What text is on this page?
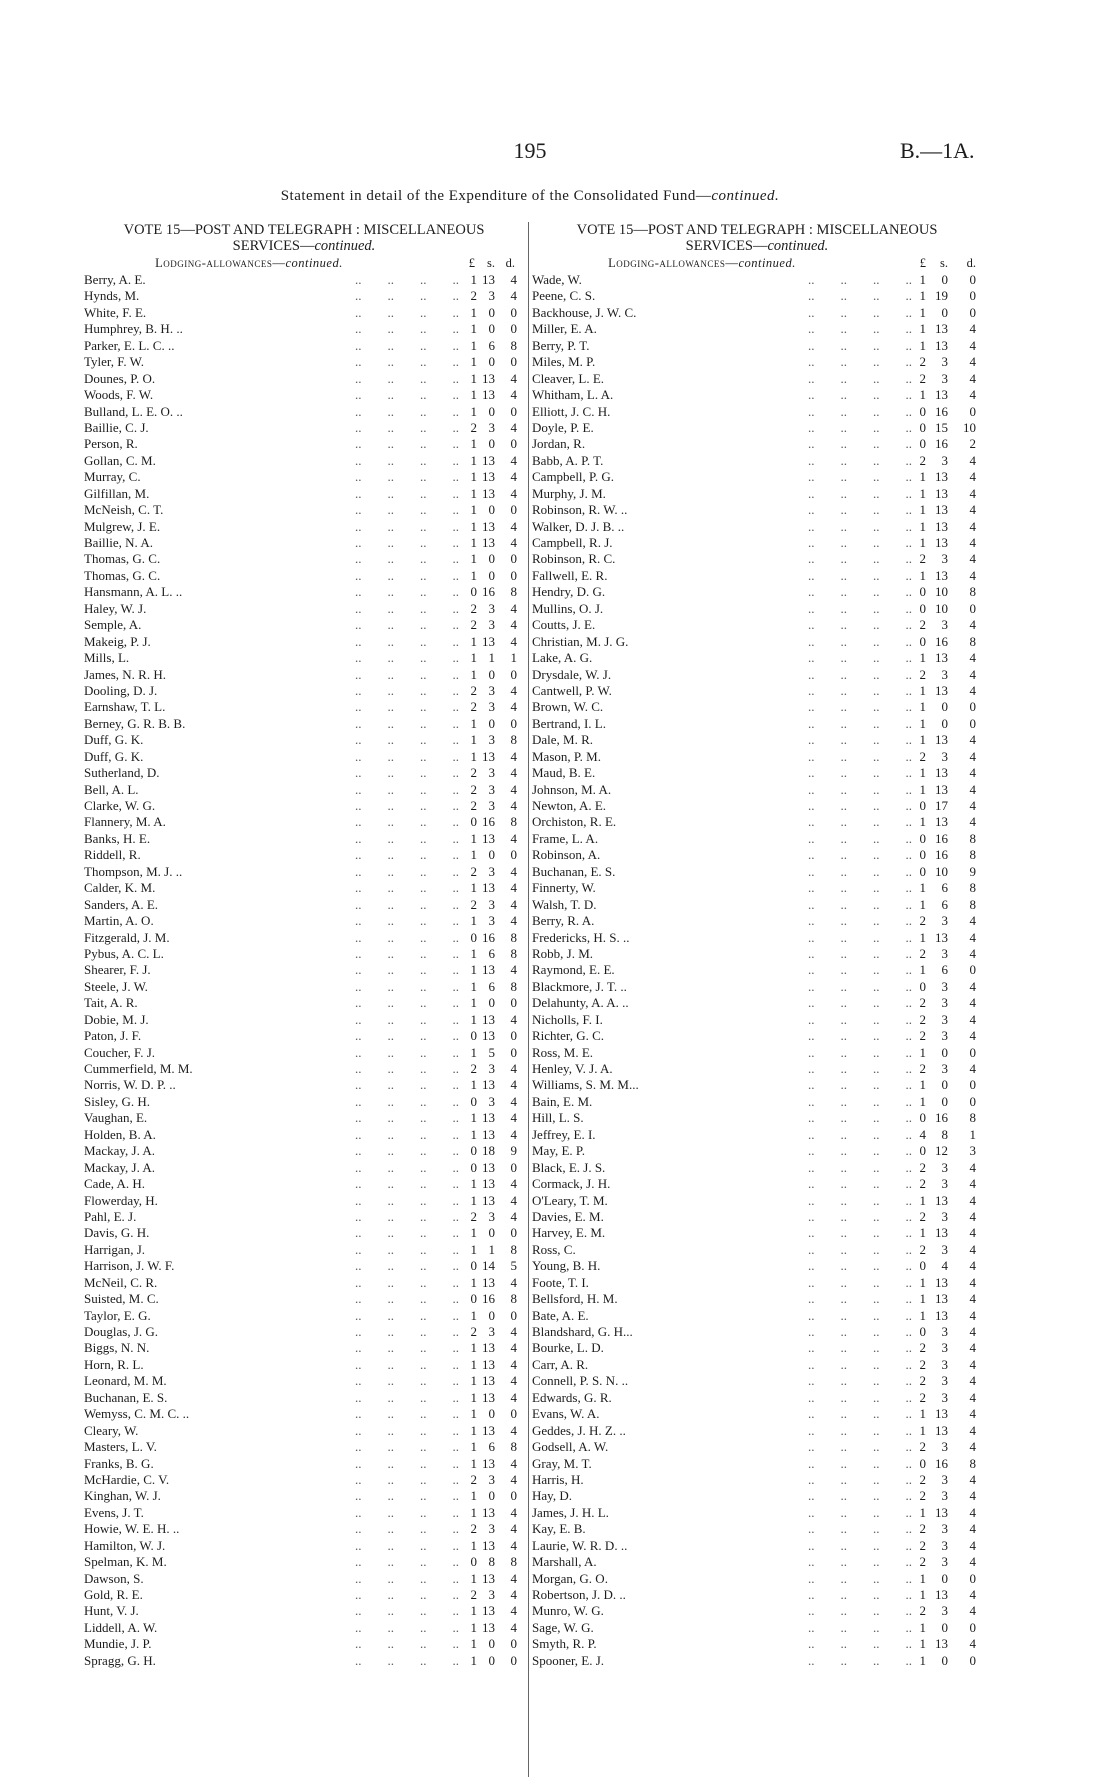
195	B.—1A.
Statement in detail of the Expenditure of the Consolidated Fund—continued.
VOTE 15—POST AND TELEGRAPH : MISCELLANEOUS
SERVICES—continued.
Lodging-allowances—continued.	£ s. d.
Berry, A. E.	..        ..        ..        .. 1 13	4
Hynds, M.	..        ..        ..        .. 2 3	4
White, F. E.	..        ..        ..        .. 1 0	0
Humphrey, B. H. ..	..        ..        ..        .. 1 0	0
Parker, E. L. C. ..	..        ..        ..        .. 1 6	8
Tyler, F. W.	..        ..        ..        .. 1 0	0
Dounes, P. O.	..        ..        ..        .. 1 13	4
Woods, F. W.	..        ..        ..        .. 1 13	4
Bulland, L. E. O. ..	..        ..        ..        .. 1 0	0
Baillie, C. J.	..        ..        ..        .. 2 3	4
Person, R.	..        ..        ..        .. 1 0	0
Gollan, C. M.	..        ..        ..        .. 1 13	4
Murray, C.	..        ..        ..        .. 1 13	4
Gilfillan, M.	..        ..        ..        .. 1 13	4
McNeish, C. T.	..        ..        ..        .. 1 0	0
Mulgrew, J. E.	..        ..        ..        .. 1 13	4
Baillie, N. A.	..        ..        ..        .. 1 13	4
Thomas, G. C.	..        ..        ..        .. 1 0	0
Thomas, G. C.	..        ..        ..        .. 1 0	0
Hansmann, A. L. ..	..        ..        ..        .. 0 16	8
Haley, W. J.	..        ..        ..        .. 2 3	4
Semple, A.	..        ..        ..        .. 2 3	4
Makeig, P. J.	..        ..        ..        .. 1 13	4
Mills, L.	..        ..        ..        .. 1 1	1
James, N. R. H.	..        ..        ..        .. 1 0	0
Dooling, D. J.	..        ..        ..        .. 2 3	4
Earnshaw, T. L.	..        ..        ..        .. 2 3	4
Berney, G. R. B. B.	..        ..        ..        .. 1 0	0
Duff, G. K.	..        ..        ..        .. 1 3	8
Duff, G. K.	..        ..        ..        .. 1 13	4
Sutherland, D.	..        ..        ..        .. 2 3	4
Bell, A. L.	..        ..        ..        .. 2 3	4
Clarke, W. G.	..        ..        ..        .. 2 3	4
Flannery, M. A.	..        ..        ..        .. 0 16	8
Banks, H. E.	..        ..        ..        .. 1 13	4
Riddell, R.	..        ..        ..        .. 1 0	0
Thompson, M. J. ..	..        ..        ..        .. 2 3	4
Calder, K. M.	..        ..        ..        .. 1 13	4
Sanders, A. E.	..        ..        ..        .. 2 3	4
Martin, A. O.	..        ..        ..        .. 1 3	4
Fitzgerald, J. M.	..        ..        ..        .. 0 16	8
Pybus, A. C. L.	..        ..        ..        .. 1 6	8
Shearer, F. J.	..        ..        ..        .. 1 13	4
Steele, J. W.	..        ..        ..        .. 1 6	8
Tait, A. R.	..        ..        ..        .. 1 0	0
Dobie, M. J.	..        ..        ..        .. 1 13	4
Paton, J. F.	..        ..        ..        .. 0 13	0
Coucher, F. J.	..        ..        ..        .. 1 5	0
Cummerfield, M. M.	..        ..        ..        .. 2 3	4
Norris, W. D. P. ..	..        ..        ..        .. 1 13	4
Sisley, G. H.	..        ..        ..        .. 0 3	4
Vaughan, E.	..        ..        ..        .. 1 13	4
Holden, B. A.	..        ..        ..        .. 1 13	4
Mackay, J. A.	..        ..        ..        .. 0 18	9
Mackay, J. A.	..        ..        ..        .. 0 13	0
Cade, A. H.	..        ..        ..        .. 1 13	4
Flowerday, H.	..        ..        ..        .. 1 13	4
Pahl, E. J.	..        ..        ..        .. 2 3	4
Davis, G. H.	..        ..        ..        .. 1 0	0
Harrigan, J.	..        ..        ..        .. 1 1	8
Harrison, J. W. F.	..        ..        ..        .. 0 14	5
McNeil, C. R.	..        ..        ..        .. 1 13	4
Suisted, M. C.	..        ..        ..        .. 0 16	8
Taylor, E. G.	..        ..        ..        .. 1 0	0
Douglas, J. G.	..        ..        ..        .. 2 3	4
Biggs, N. N.	..        ..        ..        .. 1 13	4
Horn, R. L.	..        ..        ..        .. 1 13	4
Leonard, M. M.	..        ..        ..        .. 1 13	4
Buchanan, E. S.	..        ..        ..        .. 1 13	4
Wemyss, C. M. C. ..	..        ..        ..        .. 1 0	0
Cleary, W.	..        ..        ..        .. 1 13	4
Masters, L. V.	..        ..        ..        .. 1 6	8
Franks, B. G.	..        ..        ..        .. 1 13	4
McHardie, C. V.	..        ..        ..        .. 2 3	4
Kinghan, W. J.	..        ..        ..        .. 1 0	0
Evens, J. T.	..        ..        ..        .. 1 13	4
Howie, W. E. H. ..	..        ..        ..        .. 2 3	4
Hamilton, W. J.	..        ..        ..        .. 1 13	4
Spelman, K. M.	..        ..        ..        .. 0 8	8
Dawson, S.	..        ..        ..        .. 1 13	4
Gold, R. E.	..        ..        ..        .. 2 3	4
Hunt, V. J.	..        ..        ..        .. 1 13	4
Liddell, A. W.	..        ..        ..        .. 1 13	4
Mundie, J. P.	..        ..        ..        .. 1 0	0
Spragg, G. H.	..        ..        ..        .. 1 0	0
VOTE 15—POST AND TELEGRAPH : MISCELLANEOUS
SERVICES—continued.
Lodging-allowances—continued.	£	s.	d.
Wade, W.	..        ..        ..        .. 1	0	0
Peene, C. S.	..        ..        ..        .. 1 19	0
Backhouse, J. W. C.	..        ..        ..        .. 1	0	0
Miller, E. A.	..        ..        ..        .. 1 13	4
Berry, P. T.	..        ..        ..        .. 1 13	4
Miles, M. P.	..        ..        ..        .. 2	3	4
Cleaver, L. E.	..        ..        ..        .. 2	3	4
Whitham, L. A.	..        ..        ..        .. 1 13	4
Elliott, J. C. H.	..        ..        ..        .. 0 16	0
Doyle, P. E.	..        ..        ..        .. 0 15	10
Jordan, R.	..        ..        ..        .. 0 16	2
Babb, A. P. T.	..        ..        ..        .. 2	3	4
Campbell, P. G.	..        ..        ..        .. 1 13	4
Murphy, J. M.	..        ..        ..        .. 1 13	4
Robinson, R. W. ..	..        ..        ..        .. 1 13	4
Walker, D. J. B. ..	..        ..        ..        .. 1 13	4
Campbell, R. J.	..        ..        ..        .. 1 13	4
Robinson, R. C.	..        ..        ..        .. 2	3	4
Fallwell, E. R.	..        ..        ..        .. 1 13	4
Hendry, D. G.	..        ..        ..        .. 0 10	8
Mullins, O. J.	..        ..        ..        .. 0 10	0
Coutts, J. E.	..        ..        ..        .. 2	3	4
Christian, M. J. G.	..        ..        ..        .. 0 16	8
Lake, A. G.	..        ..        ..        .. 1 13	4
Drysdale, W. J.	..        ..        ..        .. 2	3	4
Cantwell, P. W.	..        ..        ..        .. 1 13	4
Brown, W. C.	..        ..        ..        .. 1	0	0
Bertrand, I. L.	..        ..        ..        .. 1	0	0
Dale, M. R.	..        ..        ..        .. 1 13	4
Mason, P. M.	..        ..        ..        .. 2	3	4
Maud, B. E.	..        ..        ..        .. 1 13	4
Johnson, M. A.	..        ..        ..        .. 1 13	4
Newton, A. E.	..        ..        ..        .. 0 17	4
Orchiston, R. E.	..        ..        ..        .. 1 13	4
Frame, L. A.	..        ..        ..        .. 0 16	8
Robinson, A.	..        ..        ..        .. 0 16	8
Buchanan, E. S.	..        ..        ..        .. 0 10	9
Finnerty, W.	..        ..        ..        .. 1	6	8
Walsh, T. D.	..        ..        ..        .. 1	6	8
Berry, R. A.	..        ..        ..        .. 2	3	4
Fredericks, H. S. ..	..        ..        ..        .. 1 13	4
Robb, J. M.	..        ..        ..        .. 2	3	4
Raymond, E. E.	..        ..        ..        .. 1	6	0
Blackmore, J. T. ..	..        ..        ..        .. 0	3	4
Delahunty, A. A. ..	..        ..        ..        .. 2	3	4
Nicholls, F. I.	..        ..        ..        .. 2	3	4
Richter, G. C.	..        ..        ..        .. 2	3	4
Ross, M. E.	..        ..        ..        .. 1	0	0
Henley, V. J. A.	..        ..        ..        .. 2	3	4
Williams, S. M. M...	..        ..        ..        .. 1	0	0
Bain, E. M.	..        ..        ..        .. 1	0	0
Hill, L. S.	..        ..        ..        .. 0 16	8
Jeffrey, E. I.	..        ..        ..        .. 4	8	1
May, E. P.	..        ..        ..        .. 0 12	3
Black, E. J. S.	..        ..        ..        .. 2	3	4
Cormack, J. H.	..        ..        ..        .. 2	3	4
O'Leary, T. M.	..        ..        ..        .. 1 13	4
Davies, E. M.	..        ..        ..        .. 2	3	4
Harvey, E. M.	..        ..        ..        .. 1 13	4
Ross, C.	..        ..        ..        .. 2	3	4
Young, B. H.	..        ..        ..        .. 0	4	4
Foote, T. I.	..        ..        ..        .. 1 13	4
Bellsford, H. M.	..        ..        ..        .. 1 13	4
Bate, A. E.	..        ..        ..        .. 1 13	4
Blandshard, G. H...	..        ..        ..        .. 0	3	4
Bourke, L. D.	..        ..        ..        .. 2	3	4
Carr, A. R.	..        ..        ..        .. 2	3	4
Connell, P. S. N. ..	..        ..        ..        .. 2	3	4
Edwards, G. R.	..        ..        ..        .. 2	3	4
Evans, W. A.	..        ..        ..        .. 1 13	4
Geddes, J. H. Z. ..	..        ..        ..        .. 1 13	4
Godsell, A. W.	..        ..        ..        .. 2	3	4
Gray, M. T.	..        ..        ..        .. 0 16	8
Harris, H.	..        ..        ..        .. 2	3	4
Hay, D.	..        ..        ..        .. 2	3	4
James, J. H. L.	..        ..        ..        .. 1 13	4
Kay, E. B.	..        ..        ..        .. 2	3	4
Laurie, W. R. D. ..	..        ..        ..        .. 2	3	4
Marshall, A.	..        ..        ..        .. 2	3	4
Morgan, G. O.	..        ..        ..        .. 1	0	0
Robertson, J. D. ..	..        ..        ..        .. 1 13	4
Munro, W. G.	..        ..        ..        .. 2	3	4
Sage, W. G.	..        ..        ..        .. 1	0	0
Smyth, R. P.	..        ..        ..        .. 1 13	4
Spooner, E. J.	..        ..        ..        .. 1	0	0
